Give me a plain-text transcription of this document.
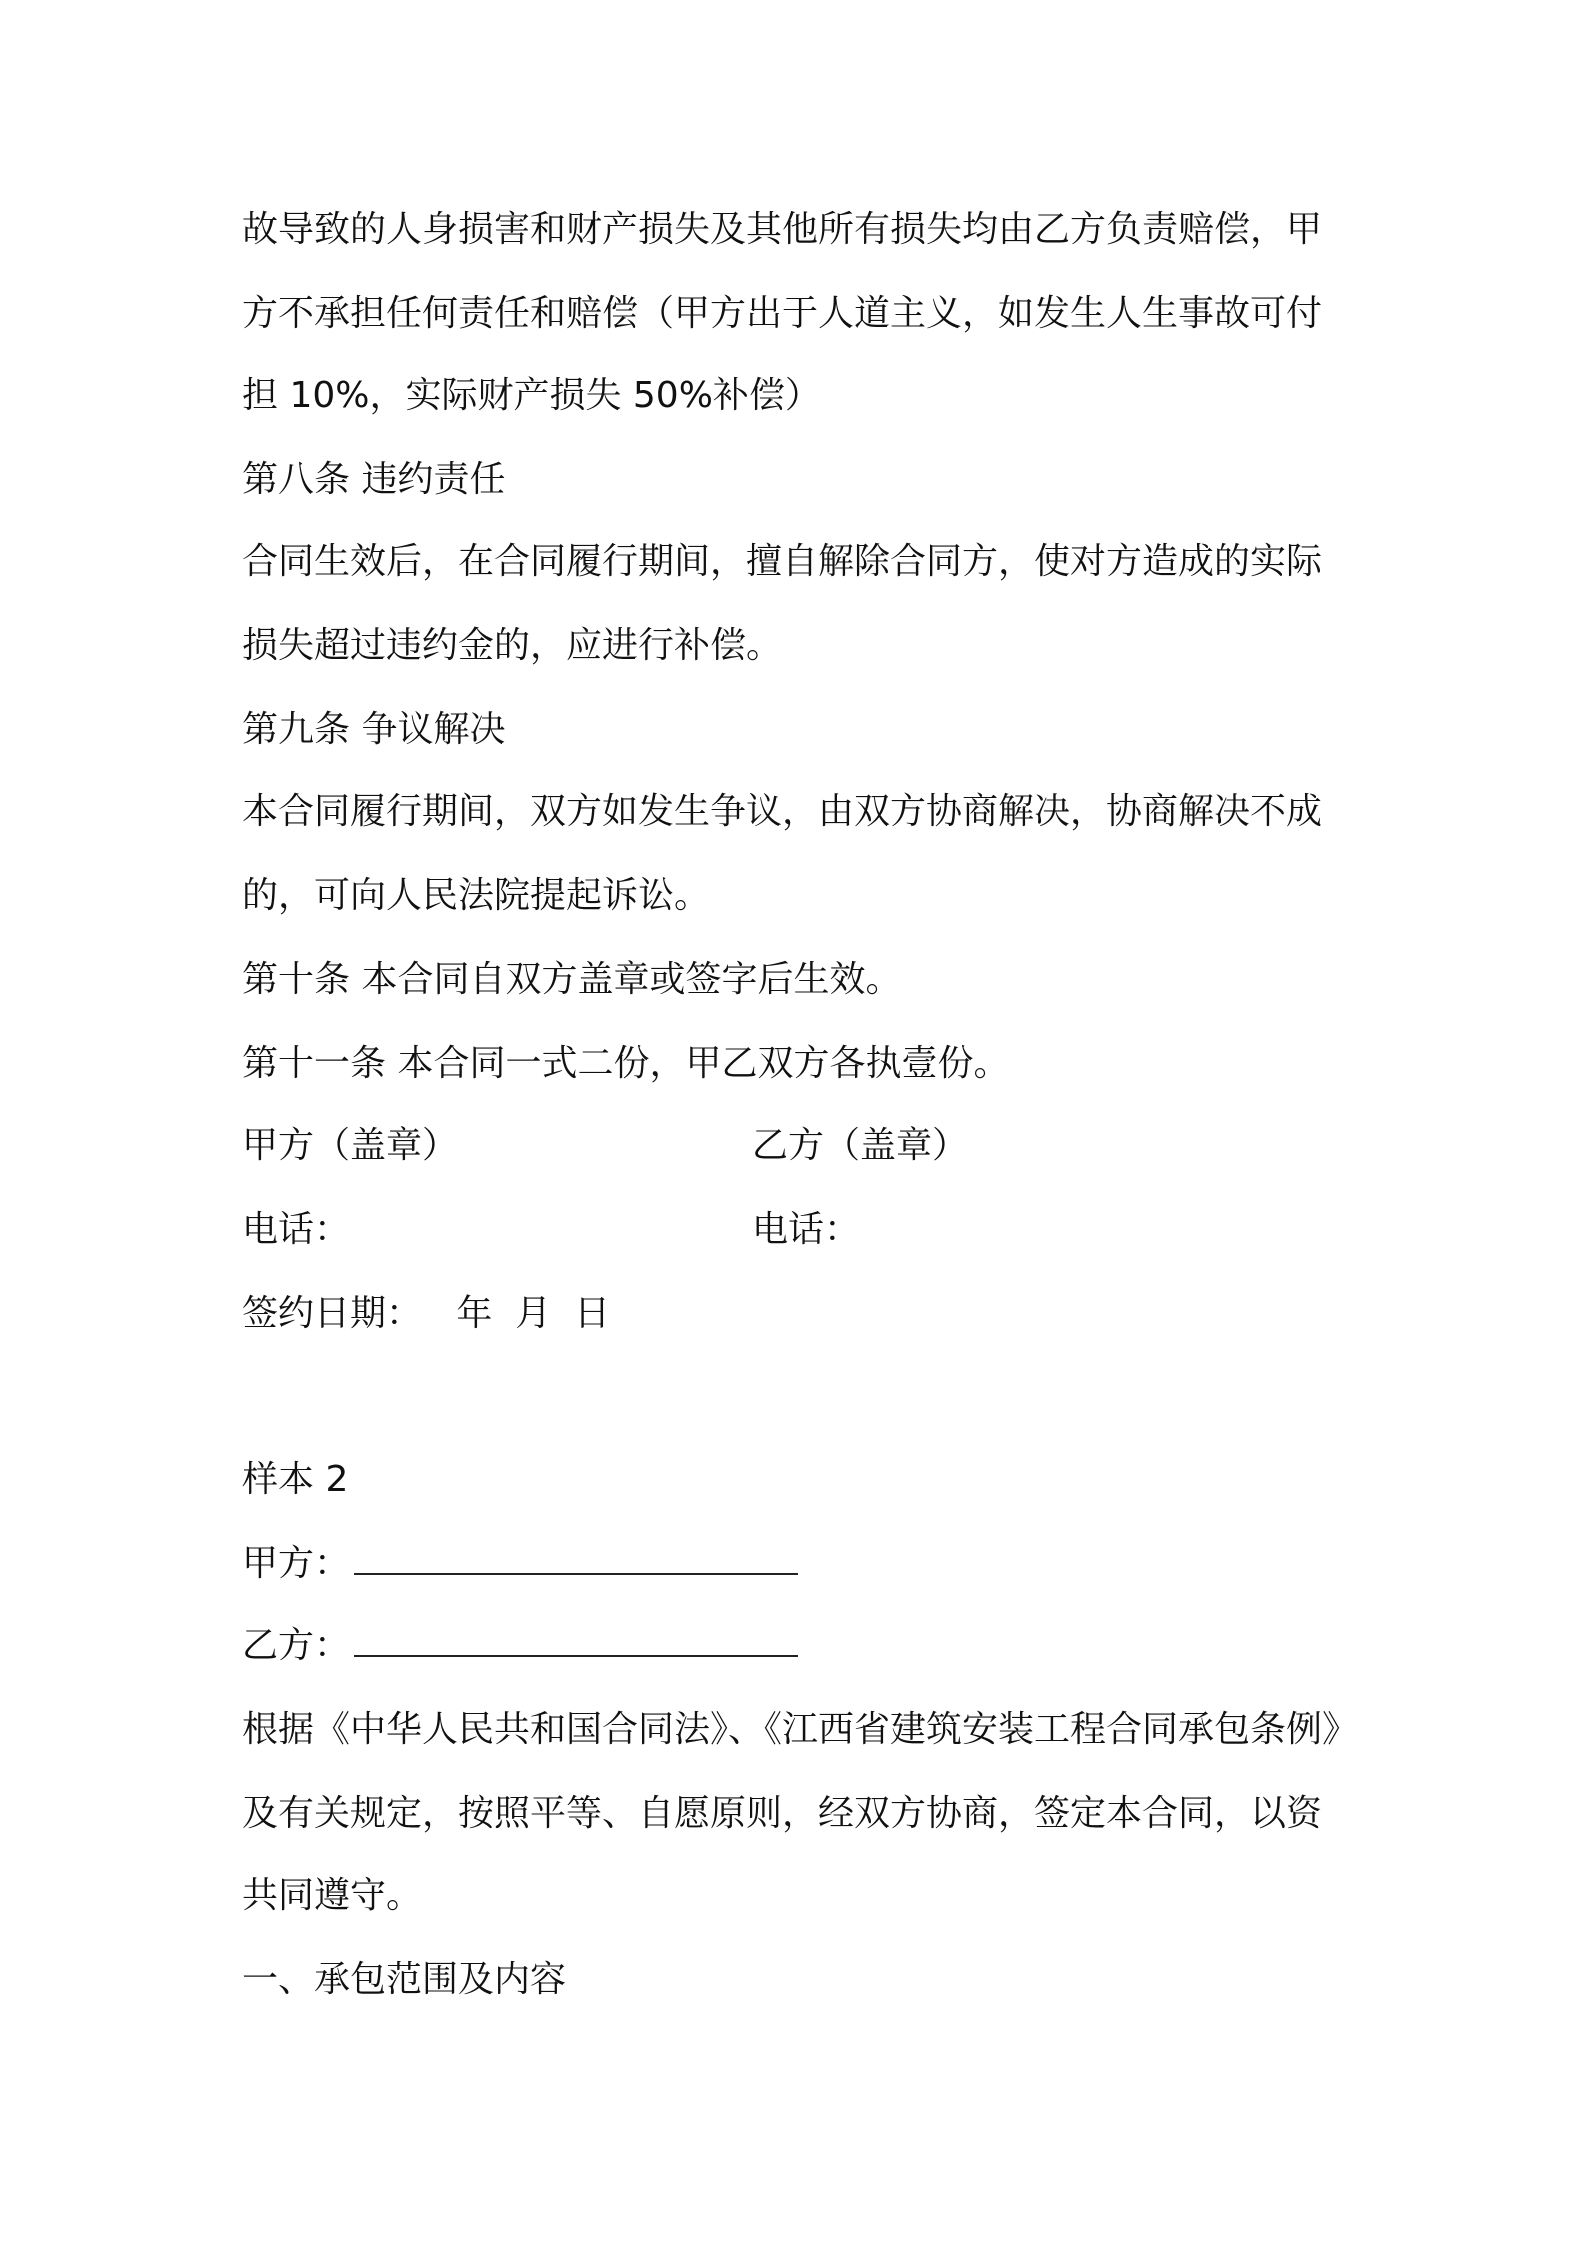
故导致的人身损害和财产损失及其他所有损失均由乙方负责赔偿，甲
方不承担任何责任和赔偿（甲方出于人道主义，如发生人生事故可付
担 10%，实际财产损失 50%补偿）
第八条 违约责任
合同生效后，在合同履行期间，擅自解除合同方，使对方造成的实际
损失超过违约金的，应进行补偿。
第九条 争议解决
本合同履行期间，双方如发生争议，由双方协商解决，协商解决不成
的，可向人民法院提起诉讼。
第十条 本合同自双方盖章或签字后生效。
第十一条 本合同一式二份，甲乙双方各执壹份。
甲方（盖章）	乙方（盖章）
电话：	电话：
签约日期：   年  月  日
样本 2
甲方：
乙方：
根据《中华人民共和国合同法》、《江西省建筑安装工程合同承包条例》
及有关规定，按照平等、自愿原则，经双方协商，签定本合同，以资
共同遵守。
一、承包范围及内容
